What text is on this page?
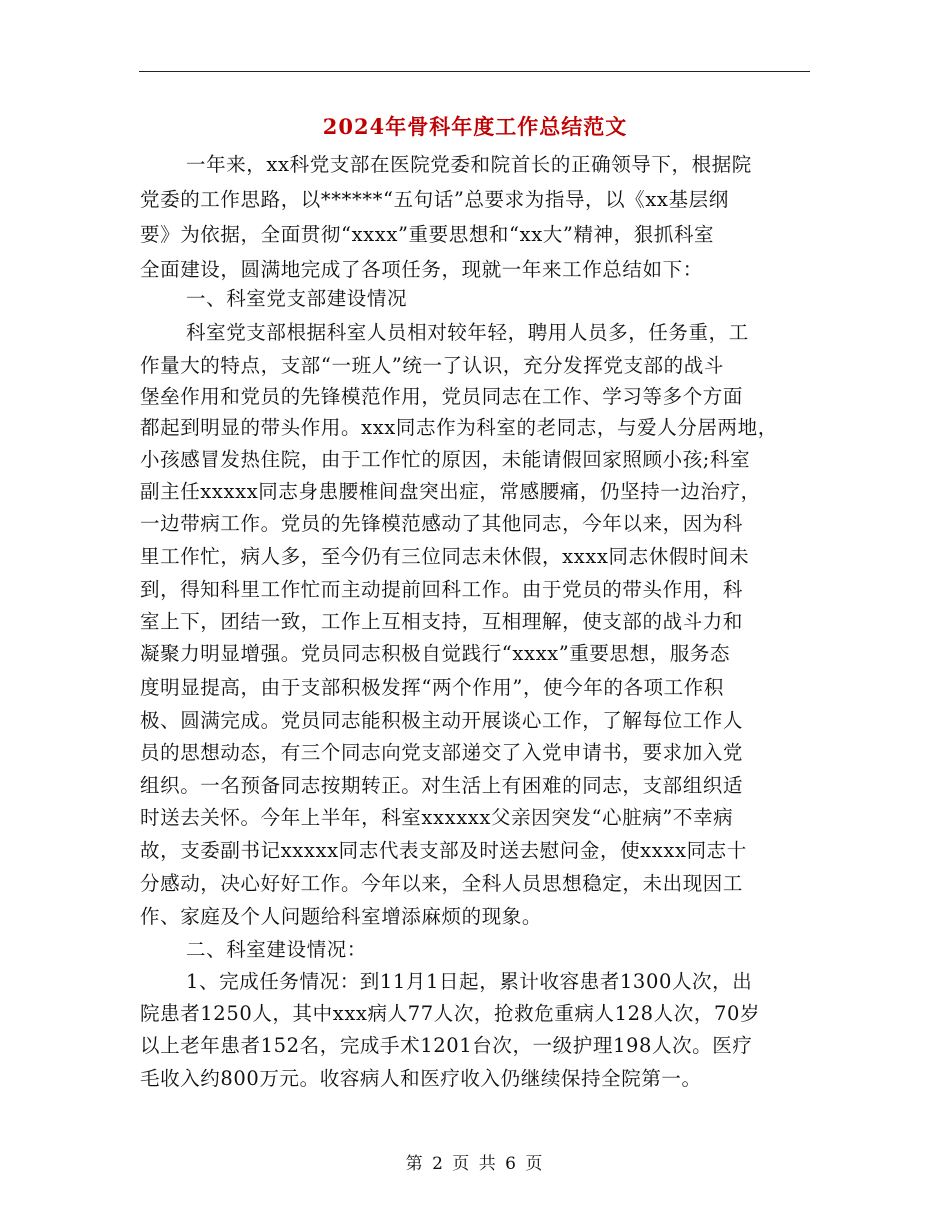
2024年骨科年度工作总结范文
一年来，xx科党支部在医院党委和院首长的正确领导下，根据院
党委的工作思路，以******“五句话”总要求为指导，以《xx基层纲
要》为依据，全面贯彻“xxxx”重要思想和“xx大”精神，狠抓科室
全面建设，圆满地完成了各项任务，现就一年来工作总结如下：
一、科室党支部建设情况
科室党支部根据科室人员相对较年轻，聘用人员多，任务重，工
作量大的特点，支部“一班人”统一了认识，充分发挥党支部的战斗
堡垒作用和党员的先锋模范作用，党员同志在工作、学习等多个方面
都起到明显的带头作用。xxx同志作为科室的老同志，与爱人分居两地，
小孩感冒发热住院，由于工作忙的原因，未能请假回家照顾小孩;科室
副主任xxxxx同志身患腰椎间盘突出症，常感腰痛，仍坚持一边治疗，
一边带病工作。党员的先锋模范感动了其他同志，今年以来，因为科
里工作忙，病人多，至今仍有三位同志未休假，xxxx同志休假时间未
到，得知科里工作忙而主动提前回科工作。由于党员的带头作用，科
室上下，团结一致，工作上互相支持，互相理解，使支部的战斗力和
凝聚力明显增强。党员同志积极自觉践行“xxxx”重要思想，服务态
度明显提高，由于支部积极发挥“两个作用”，使今年的各项工作积
极、圆满完成。党员同志能积极主动开展谈心工作，了解每位工作人
员的思想动态，有三个同志向党支部递交了入党申请书，要求加入党
组织。一名预备同志按期转正。对生活上有困难的同志，支部组织适
时送去关怀。今年上半年，科室xxxxxx父亲因突发“心脏病”不幸病
故，支委副书记xxxxx同志代表支部及时送去慰问金，使xxxx同志十
分感动，决心好好工作。今年以来，全科人员思想稳定，未出现因工
作、家庭及个人问题给科室增添麻烦的现象。
二、科室建设情况：
1、完成任务情况：到11月1日起，累计收容患者1300人次，出
院患者1250人，其中xxx病人77人次，抢救危重病人128人次，70岁
以上老年患者152名，完成手术1201台次，一级护理198人次。医疗
毛收入约800万元。收容病人和医疗收入仍继续保持全院第一。
第 2 页 共 6 页
